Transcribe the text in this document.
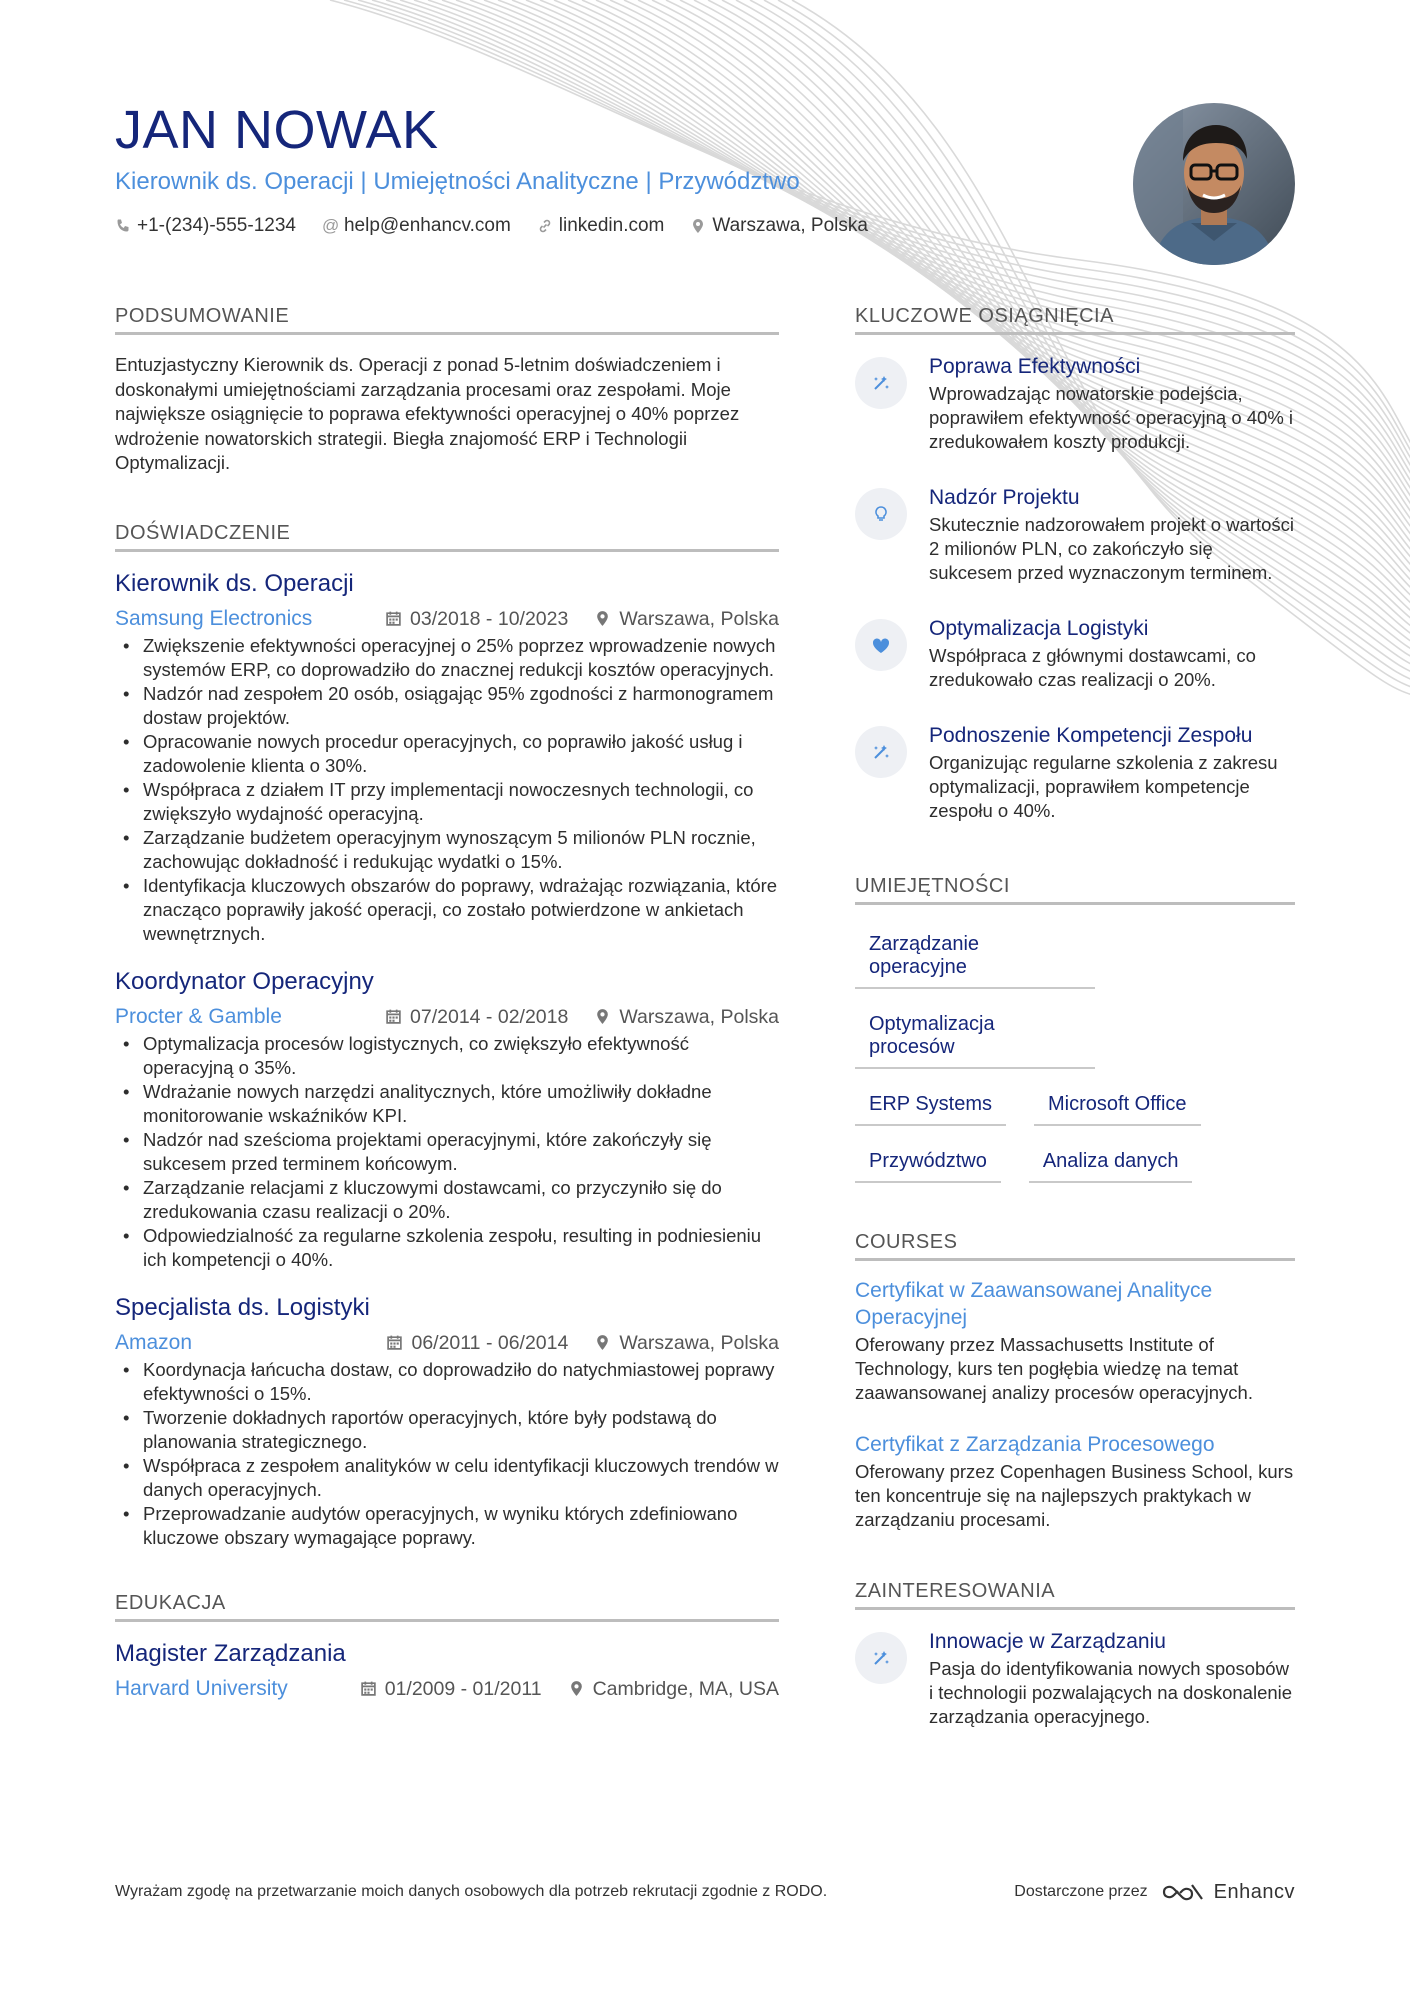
JAN NOWAK
Kierownik ds. Operacji | Umiejętności Analityczne | Przywództwo
+1-(234)-555-1234 @ help@enhancv.com	linkedin.com	Warszawa, Polska
PODSUMOWANIE
Entuzjastyczny Kierownik ds. Operacji z ponad 5-letnim doświadczeniem i doskonałymi umiejętnościami zarządzania procesami oraz zespołami. Moje największe osiągnięcie to poprawa efektywności operacyjnej o 40% poprzez wdrożenie nowatorskich strategii. Biegła znajomość ERP i Technologii Optymalizacji.
DOŚWIADCZENIE
Kierownik ds. Operacji
Samsung Electronics	03/2018 - 10/2023	Warszawa, Polska
• Zwiększenie efektywności operacyjnej o 25% poprzez wprowadzenie nowych systemów ERP, co doprowadziło do znacznej redukcji kosztów operacyjnych.
• Nadzór nad zespołem 20 osób, osiągając 95% zgodności z harmonogramem dostaw projektów.
• Opracowanie nowych procedur operacyjnych, co poprawiło jakość usług i zadowolenie klienta o 30%.
• Współpraca z działem IT przy implementacji nowoczesnych technologii, co zwiększyło wydajność operacyjną.
• Zarządzanie budżetem operacyjnym wynoszącym 5 milionów PLN rocznie, zachowując dokładność i redukując wydatki o 15%.
• Identyfikacja kluczowych obszarów do poprawy, wdrażając rozwiązania, które znacząco poprawiły jakość operacji, co zostało potwierdzone w ankietach wewnętrznych.
Koordynator Operacyjny
Procter & Gamble	07/2014 - 02/2018	Warszawa, Polska
• Optymalizacja procesów logistycznych, co zwiększyło efektywność operacyjną o 35%.
• Wdrażanie nowych narzędzi analitycznych, które umożliwiły dokładne monitorowanie wskaźników KPI.
• Nadzór nad sześcioma projektami operacyjnymi, które zakończyły się sukcesem przed terminem końcowym.
• Zarządzanie relacjami z kluczowymi dostawcami, co przyczyniło się do zredukowania czasu realizacji o 20%.
• Odpowiedzialność za regularne szkolenia zespołu, resulting in podniesieniu ich kompetencji o 40%.
Specjalista ds. Logistyki
Amazon	06/2011 - 06/2014	Warszawa, Polska
• Koordynacja łańcucha dostaw, co doprowadziło do natychmiastowej poprawy efektywności o 15%.
• Tworzenie dokładnych raportów operacyjnych, które były podstawą do planowania strategicznego.
• Współpraca z zespołem analityków w celu identyfikacji kluczowych trendów w danych operacyjnych.
• Przeprowadzanie audytów operacyjnych, w wyniku których zdefiniowano kluczowe obszary wymagające poprawy.
EDUKACJA
Magister Zarządzania
Harvard University	01/2009 - 01/2011	Cambridge, MA, USA
KLUCZOWE OSIĄGNIĘCIA
Poprawa Efektywności
Wprowadzając nowatorskie podejścia, poprawiłem efektywność operacyjną o 40% i zredukowałem koszty produkcji.
Nadzór Projektu
Skutecznie nadzorowałem projekt o wartości 2 milionów PLN, co zakończyło się sukcesem przed wyznaczonym terminem.
Optymalizacja Logistyki
Współpraca z głównymi dostawcami, co zredukowało czas realizacji o 20%.
Podnoszenie Kompetencji Zespołu
Organizując regularne szkolenia z zakresu optymalizacji, poprawiłem kompetencje zespołu o 40%.
UMIEJĘTNOŚCI
Zarządzanie operacyjne
Optymalizacja procesów
ERP Systems	Microsoft Office
Przywództwo	Analiza danych
COURSES
Certyfikat w Zaawansowanej Analityce Operacyjnej
Oferowany przez Massachusetts Institute of Technology, kurs ten pogłębia wiedzę na temat zaawansowanej analizy procesów operacyjnych.
Certyfikat z Zarządzania Procesowego
Oferowany przez Copenhagen Business School, kurs ten koncentruje się na najlepszych praktykach w zarządzaniu procesami.
ZAINTERESOWANIA
Innowacje w Zarządzaniu
Pasja do identyfikowania nowych sposobów i technologii pozwalających na doskonalenie zarządzania operacyjnego.
Wyrażam zgodę na przetwarzanie moich danych osobowych dla potrzeb rekrutacji zgodnie z RODO.	Dostarczone przez	Enhancv
